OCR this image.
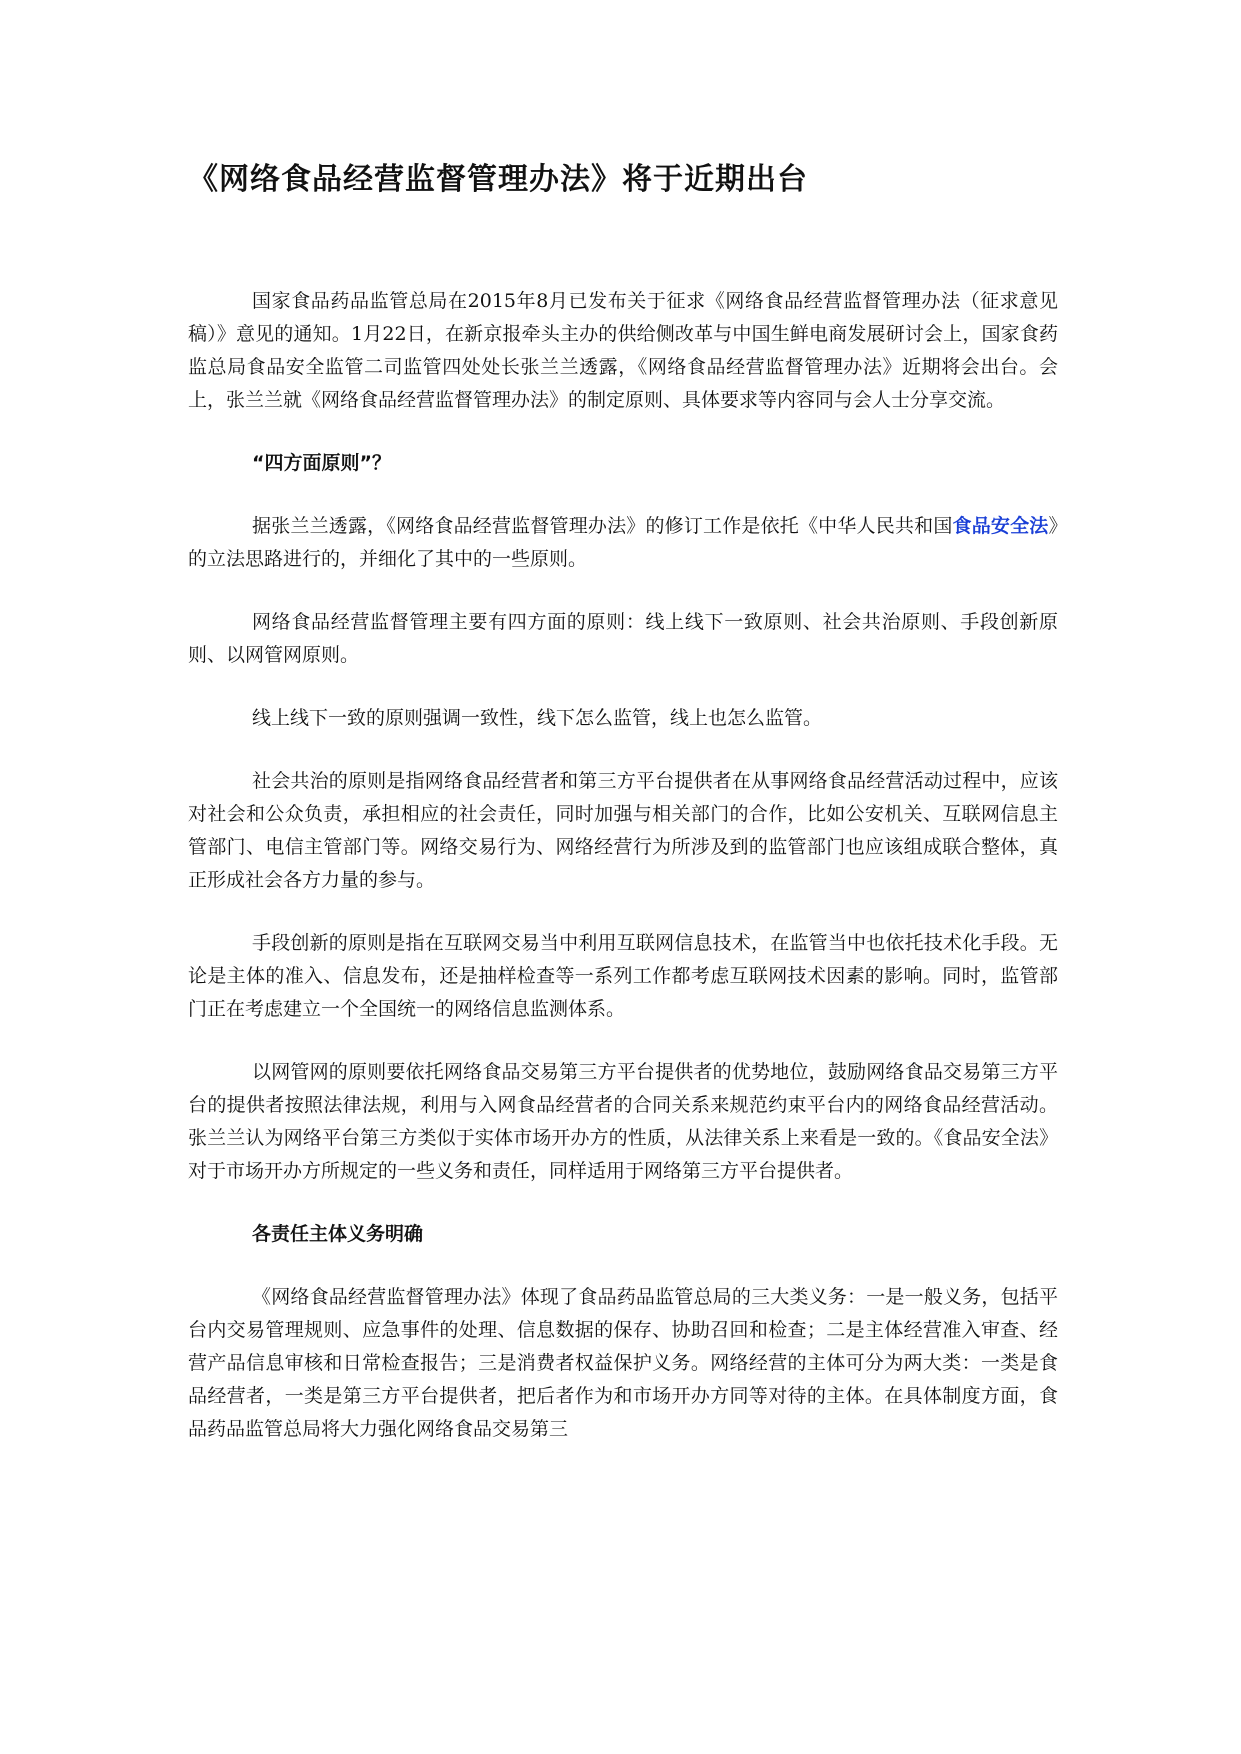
《网络食品经营监督管理办法》将于近期出台

国家食品药品监管总局在2015年8月已发布关于征求《网络食品经营监督管理办法（征求意见稿）》意见的通知。1月22日，在新京报牵头主办的供给侧改革与中国生鲜电商发展研讨会上，国家食药监总局食品安全监管二司监管四处处长张兰兰透露，《网络食品经营监督管理办法》近期将会出台。会上，张兰兰就《网络食品经营监督管理办法》的制定原则、具体要求等内容同与会人士分享交流。

“四方面原则”？

据张兰兰透露，《网络食品经营监督管理办法》的修订工作是依托《中华人民共和国食品安全法》的立法思路进行的，并细化了其中的一些原则。

网络食品经营监督管理主要有四方面的原则：线上线下一致原则、社会共治原则、手段创新原则、以网管网原则。

线上线下一致的原则强调一致性，线下怎么监管，线上也怎么监管。

社会共治的原则是指网络食品经营者和第三方平台提供者在从事网络食品经营活动过程中，应该对社会和公众负责，承担相应的社会责任，同时加强与相关部门的合作，比如公安机关、互联网信息主管部门、电信主管部门等。网络交易行为、网络经营行为所涉及到的监管部门也应该组成联合整体，真正形成社会各方力量的参与。

手段创新的原则是指在互联网交易当中利用互联网信息技术，在监管当中也依托技术化手段。无论是主体的准入、信息发布，还是抽样检查等一系列工作都考虑互联网技术因素的影响。同时，监管部门正在考虑建立一个全国统一的网络信息监测体系。

以网管网的原则要依托网络食品交易第三方平台提供者的优势地位，鼓励网络食品交易第三方平台的提供者按照法律法规，利用与入网食品经营者的合同关系来规范约束平台内的网络食品经营活动。张兰兰认为网络平台第三方类似于实体市场开办方的性质，从法律关系上来看是一致的。《食品安全法》对于市场开办方所规定的一些义务和责任，同样适用于网络第三方平台提供者。

各责任主体义务明确

《网络食品经营监督管理办法》体现了食品药品监管总局的三大类义务：一是一般义务，包括平台内交易管理规则、应急事件的处理、信息数据的保存、协助召回和检查；二是主体经营准入审查、经营产品信息审核和日常检查报告；三是消费者权益保护义务。网络经营的主体可分为两大类：一类是食品经营者，一类是第三方平台提供者，把后者作为和市场开办方同等对待的主体。在具体制度方面，食品药品监管总局将大力强化网络食品交易第三
